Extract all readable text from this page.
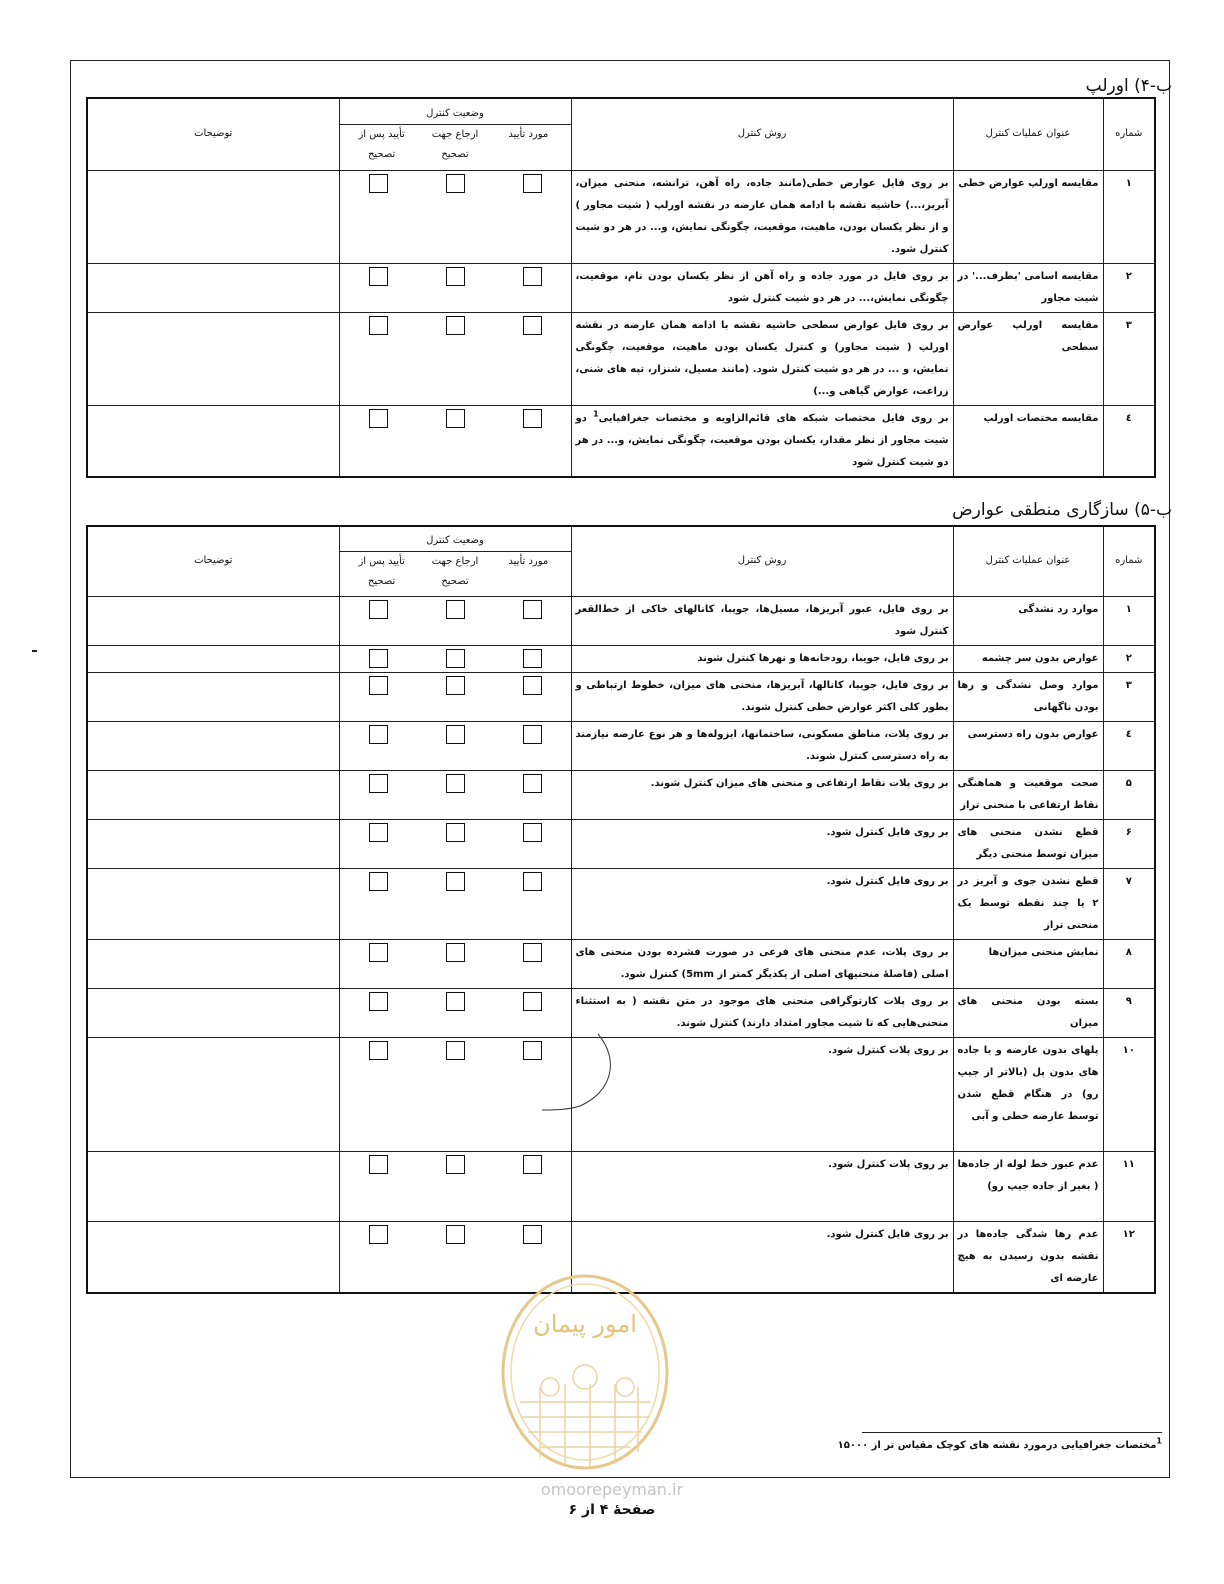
ب-۴) اورلپ
شماره	عنوان عملیات کنترل	روش کنترل	وضعیت کنترل
مورد تأیید
ارجاع جهت تصحیح
تأیید پس از تصحیح	توضیحات
۱	مقایسه اورلپ عوارض خطی	بر روی فایل عوارض خطی(مانند جاده، راه آهن، ترانشه، منحنی میزان، آبریز،...) حاشیه نقشه با ادامه همان عارضه در نقشه اورلپ ( شیت مجاور ) و از نظر یکسان بودن، ماهیت، موقعیت، چگونگی نمایش، و... در هر دو شیت کنترل شود.	

۲	مقایسه اسامی 'بطرف...' در شیت مجاور	بر روی فایل در مورد جاده و راه آهن از نظر یکسان بودن نام، موقعیت، چگونگی نمایش،... در هر دو شیت کنترل شود	

۳	مقایسه اورلپ عوارض سطحی	بر روی فایل عوارض سطحی حاشیه نقشه با ادامه همان عارضه در نقشه اورلپ ( شیت مجاور) و کنترل یکسان بودن ماهیت، موقعیت، چگونگی نمایش، و ... در هر دو شیت کنترل شود. (مانند مسیل، شنزار، تپه های شنی، زراعت، عوارض گیاهی و...)	

٤	مقایسه مختصات اورلپ	بر روی فایل مختصات شبکه های قائم‌الزاویه و مختصات جغرافیایی$^1$ دو شیت مجاور از نظر مقدار، یکسان بودن موقعیت، چگونگی نمایش، و... در هر دو شیت کنترل شود	

ب-۵) سازگاری منطقی عوارض
شماره	عنوان عملیات کنترل	روش کنترل	وضعیت کنترل
مورد تأیید
ارجاع جهت تصحیح
تأیید پس از تصحیح	توضیحات
۱	موارد رد نشدگی	بر روی فایل، عبور آبریزها، مسیل‌ها، جویبا، کانالهای خاکی از خط‌القعر کنترل شود	

۲	عوارض بدون سر چشمه	بر روی فایل، جویبا، رودخانه‌ها و نهرها کنترل شوند	

۳	موارد وصل نشدگی و رها بودن ناگهانی	بر روی فایل، جویبا، کانالها، آبریزها، منحنی های میزان، خطوط ارتباطی و بطور کلی اکثر عوارض خطی کنترل شوند.	

٤	عوارض بدون راه دسترسی	بر روی پلات، مناطق مسکونی، ساختمانها، ایزوله‌ها و هر نوع عارضه نیازمند به راه دسترسی کنترل شوند.	

۵	صحت موقعیت و هماهنگی نقاط ارتفاعی با منحنی تراز	بر روی پلات نقاط ارتفاعی و منحنی های میزان کنترل شوند.	

۶	قطع نشدن منحنی های میزان توسط منحنی دیگر	بر روی فایل کنترل شود.	

۷	قطع نشدن جوی و آبریز در ۲ یا چند نقطه توسط یک منحنی تراز	بر روی فایل کنترل شود.	

۸	نمایش منحنی میزان‌ها	بر روی پلات، عدم منحنی های فرعی در صورت فشرده بودن منحنی های اصلی (فاصلهٔ منحنیهای اصلی از یکدیگر کمتر از 5mm) کنترل شود.	

۹	بسته بودن منحنی های میزان	بر روی پلات کارتوگرافی منحنی های موجود در متن نقشه ( به استثناء منحنی‌هایی که تا شیت مجاور امتداد دارند) کنترل شوند.	

۱۰	پلهای بدون عارضه و یا جاده های بدون پل (بالاتر از جیپ رو) در هنگام قطع شدن توسط عارضه خطی و آبی	بر روی پلات کنترل شود.	

۱۱	عدم عبور خط لوله از جاده‌ها ( بغیر از جاده جیپ رو)	بر روی پلات کنترل شود.	

۱۲	عدم رها شدگی جاده‌ها در نقشه بدون رسیدن به هیچ عارضه ای	بر روی فایل کنترل شود.	

امور پیمان
$^1$مختصات جغرافیایی درمورد نقشه های کوچک مقیاس تر از ۱۵۰۰۰
omoorepeyman.ir
صفحهٔ ۴ از ۶
